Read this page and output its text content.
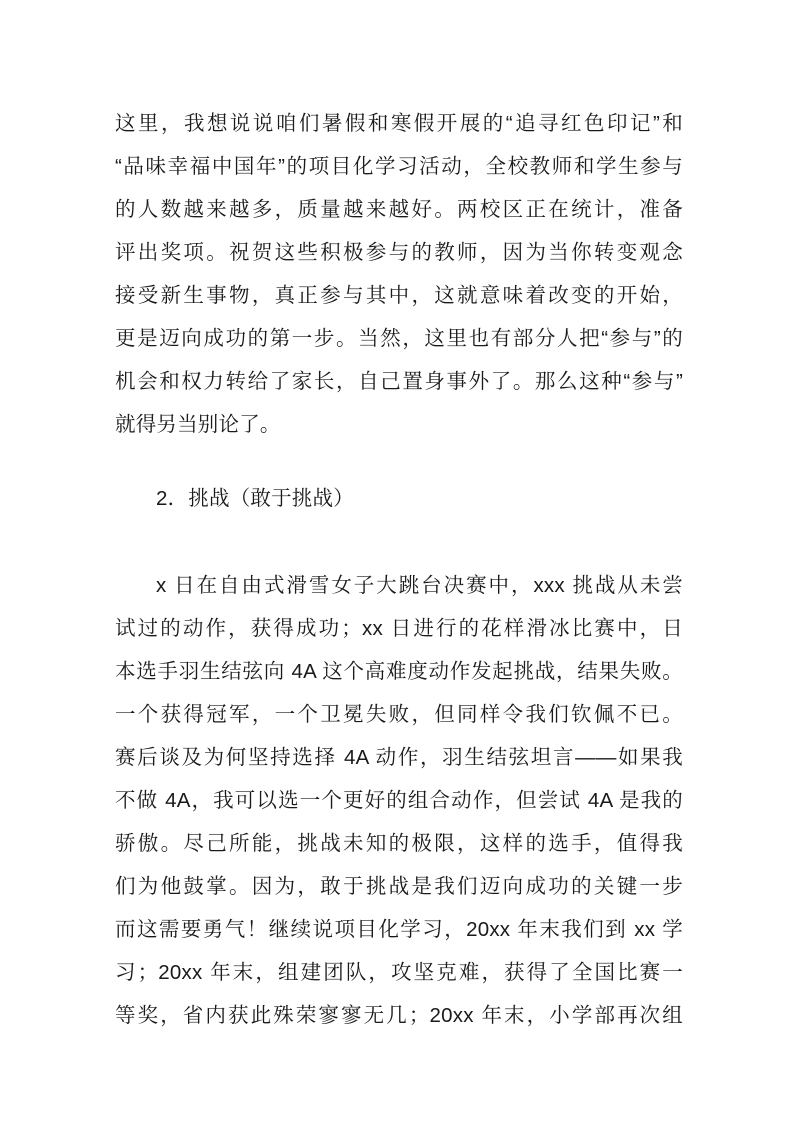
这里，我想说说咱们暑假和寒假开展的“追寻红色印记”和
“品味幸福中国年”的项目化学习活动，全校教师和学生参与
的人数越来越多，质量越来越好。两校区正在统计，准备
评出奖项。祝贺这些积极参与的教师，因为当你转变观念
接受新生事物，真正参与其中，这就意味着改变的开始，
更是迈向成功的第一步。当然，这里也有部分人把“参与”的
机会和权力转给了家长，自己置身事外了。那么这种“参与”
就得另当别论了。
2．挑战（敢于挑战）
x 日在自由式滑雪女子大跳台决赛中，xxx 挑战从未尝
试过的动作，获得成功；xx 日进行的花样滑冰比赛中，日
本选手羽生结弦向 4A 这个高难度动作发起挑战，结果失败。
一个获得冠军，一个卫冕失败，但同样令我们钦佩不已。
赛后谈及为何坚持选择 4A 动作，羽生结弦坦言——如果我
不做 4A，我可以选一个更好的组合动作，但尝试 4A 是我的
骄傲。尽己所能，挑战未知的极限，这样的选手，值得我
们为他鼓掌。因为，敢于挑战是我们迈向成功的关键一步
而这需要勇气！继续说项目化学习，20xx 年末我们到 xx 学
习；20xx 年末，组建团队，攻坚克难，获得了全国比赛一
等奖，省内获此殊荣寥寥无几；20xx 年末，小学部再次组
